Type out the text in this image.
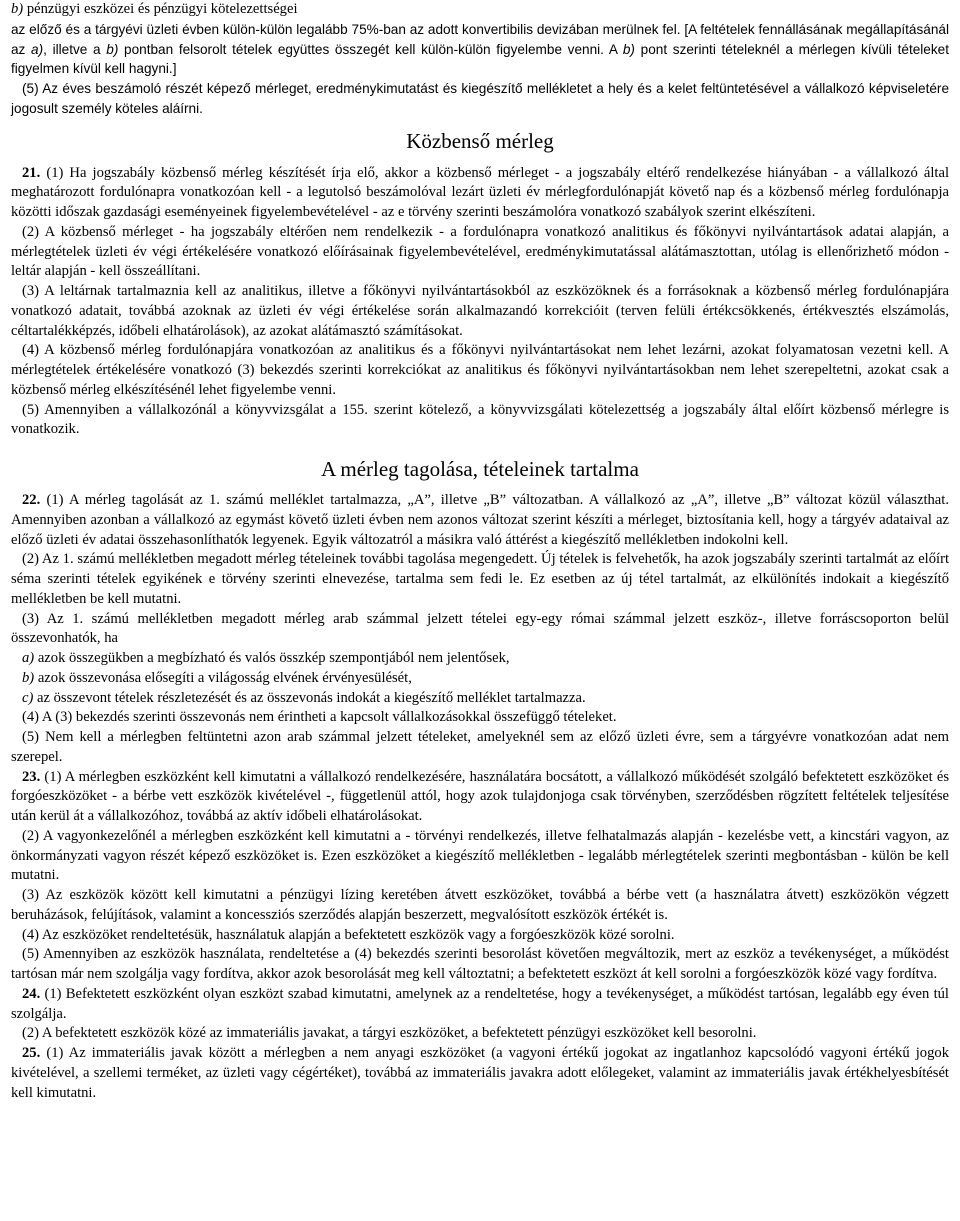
b) pénzügyi eszközei és pénzügyi kötelezettségei

az előző és a tárgyévi üzleti évben külön-külön legalább 75%-ban az adott konvertibilis devizában merülnek fel. [A feltételek fennállásának megállapításánál az a), illetve a b) pontban felsorolt tételek együttes összegét kell külön-külön figyelembe venni. A b) pont szerinti tételeknél a mérlegen kívüli tételeket figyelmen kívül kell hagyni.]

(5) Az éves beszámoló részét képező mérleget, eredménykimutatást és kiegészítő mellékletet a hely és a kelet feltüntetésével a vállalkozó képviseletére jogosult személy köteles aláírni.

Közbenső mérleg

21. (1) Ha jogszabály közbenső mérleg készítését írja elő, akkor a közbenső mérleget - a jogszabály eltérő rendelkezése hiányában - a vállalkozó által meghatározott fordulónapra vonatkozóan kell - a legutolsó beszámolóval lezárt üzleti év mérlegfordulónapját követő nap és a közbenső mérleg fordulónapja közötti időszak gazdasági eseményeinek figyelembevételével - az e törvény szerinti beszámolóra vonatkozó szabályok szerint elkészíteni.

(2) A közbenső mérleget - ha jogszabály eltérően nem rendelkezik - a fordulónapra vonatkozó analitikus és főkönyvi nyilvántartások adatai alapján, a mérlegtételek üzleti év végi értékelésére vonatkozó előírásainak figyelembevételével, eredménykimutatással alátámasztottan, utólag is ellenőrizhető módon - leltár alapján - kell összeállítani.

(3) A leltárnak tartalmaznia kell az analitikus, illetve a főkönyvi nyilvántartásokból az eszközöknek és a forrásoknak a közbenső mérleg fordulónapjára vonatkozó adatait, továbbá azoknak az üzleti év végi értékelése során alkalmazandó korrekcióit (terven felüli értékcsökkenés, értékvesztés elszámolás, céltartalékképzés, időbeli elhatárolások), az azokat alátámasztó számításokat.

(4) A közbenső mérleg fordulónapjára vonatkozóan az analitikus és a főkönyvi nyilvántartásokat nem lehet lezárni, azokat folyamatosan vezetni kell. A mérlegtételek értékelésére vonatkozó (3) bekezdés szerinti korrekciókat az analitikus és főkönyvi nyilvántartásokban nem lehet szerepeltetni, azokat csak a közbenső mérleg elkészítésénél lehet figyelembe venni.

(5) Amennyiben a vállalkozónál a könyvvizsgálat a 155. szerint kötelező, a könyvvizsgálati kötelezettség a jogszabály által előírt közbenső mérlegre is vonatkozik.

A mérleg tagolása, tételeinek tartalma

22. (1) A mérleg tagolását az 1. számú melléklet tartalmazza, „A”, illetve „B” változatban. A vállalkozó az „A”, illetve „B” változat közül választhat. Amennyiben azonban a vállalkozó az egymást követő üzleti évben nem azonos változat szerint készíti a mérleget, biztosítania kell, hogy a tárgyév adataival az előző üzleti év adatai összehasonlíthatók legyenek. Egyik változatról a másikra való áttérést a kiegészítő mellékletben indokolni kell.

(2) Az 1. számú mellékletben megadott mérleg tételeinek további tagolása megengedett. Új tételek is felvehetők, ha azok jogszabály szerinti tartalmát az előírt séma szerinti tételek egyikének e törvény szerinti elnevezése, tartalma sem fedi le. Ez esetben az új tétel tartalmát, az elkülönítés indokait a kiegészítő mellékletben be kell mutatni.

(3) Az 1. számú mellékletben megadott mérleg arab számmal jelzett tételei egy-egy római számmal jelzett eszköz-, illetve forráscsoporton belül összevonhatók, ha

a) azok összegükben a megbízható és valós összkép szempontjából nem jelentősek,

b) azok összevonása elősegíti a világosság elvének érvényesülését,

c) az összevont tételek részletezését és az összevonás indokát a kiegészítő melléklet tartalmazza.

(4) A (3) bekezdés szerinti összevonás nem érintheti a kapcsolt vállalkozásokkal összefüggő tételeket.

(5) Nem kell a mérlegben feltüntetni azon arab számmal jelzett tételeket, amelyeknél sem az előző üzleti évre, sem a tárgyévre vonatkozóan adat nem szerepel.

23. (1) A mérlegben eszközként kell kimutatni a vállalkozó rendelkezésére, használatára bocsátott, a vállalkozó működését szolgáló befektetett eszközöket és forgóeszközöket - a bérbe vett eszközök kivételével -, függetlenül attól, hogy azok tulajdonjoga csak törvényben, szerződésben rögzített feltételek teljesítése után kerül át a vállalkozóhoz, továbbá az aktív időbeli elhatárolásokat.

(2) A vagyonkezelőnél a mérlegben eszközként kell kimutatni a - törvényi rendelkezés, illetve felhatalmazás alapján - kezelésbe vett, a kincstári vagyon, az önkormányzati vagyon részét képező eszközöket is. Ezen eszközöket a kiegészítő mellékletben - legalább mérlegtételek szerinti megbontásban - külön be kell mutatni.

(3) Az eszközök között kell kimutatni a pénzügyi lízing keretében átvett eszközöket, továbbá a bérbe vett (a használatra átvett) eszközökön végzett beruházások, felújítások, valamint a koncessziós szerződés alapján beszerzett, megvalósított eszközök értékét is.

(4) Az eszközöket rendeltetésük, használatuk alapján a befektetett eszközök vagy a forgóeszközök közé sorolni.

(5) Amennyiben az eszközök használata, rendeltetése a (4) bekezdés szerinti besorolást követően megváltozik, mert az eszköz a tevékenységet, a működést tartósan már nem szolgálja vagy fordítva, akkor azok besorolását meg kell változtatni; a befektetett eszközt át kell sorolni a forgóeszközök közé vagy fordítva.

24. (1) Befektetett eszközként olyan eszközt szabad kimutatni, amelynek az a rendeltetése, hogy a tevékenységet, a működést tartósan, legalább egy éven túl szolgálja.

(2) A befektetett eszközök közé az immateriális javakat, a tárgyi eszközöket, a befektetett pénzügyi eszközöket kell besorolni.

25. (1) Az immateriális javak között a mérlegben a nem anyagi eszközöket (a vagyoni értékű jogokat az ingatlanhoz kapcsolódó vagyoni értékű jogok kivételével, a szellemi terméket, az üzleti vagy cégértéket), továbbá az immateriális javakra adott előlegeket, valamint az immateriális javak értékhelyesbítését kell kimutatni.
